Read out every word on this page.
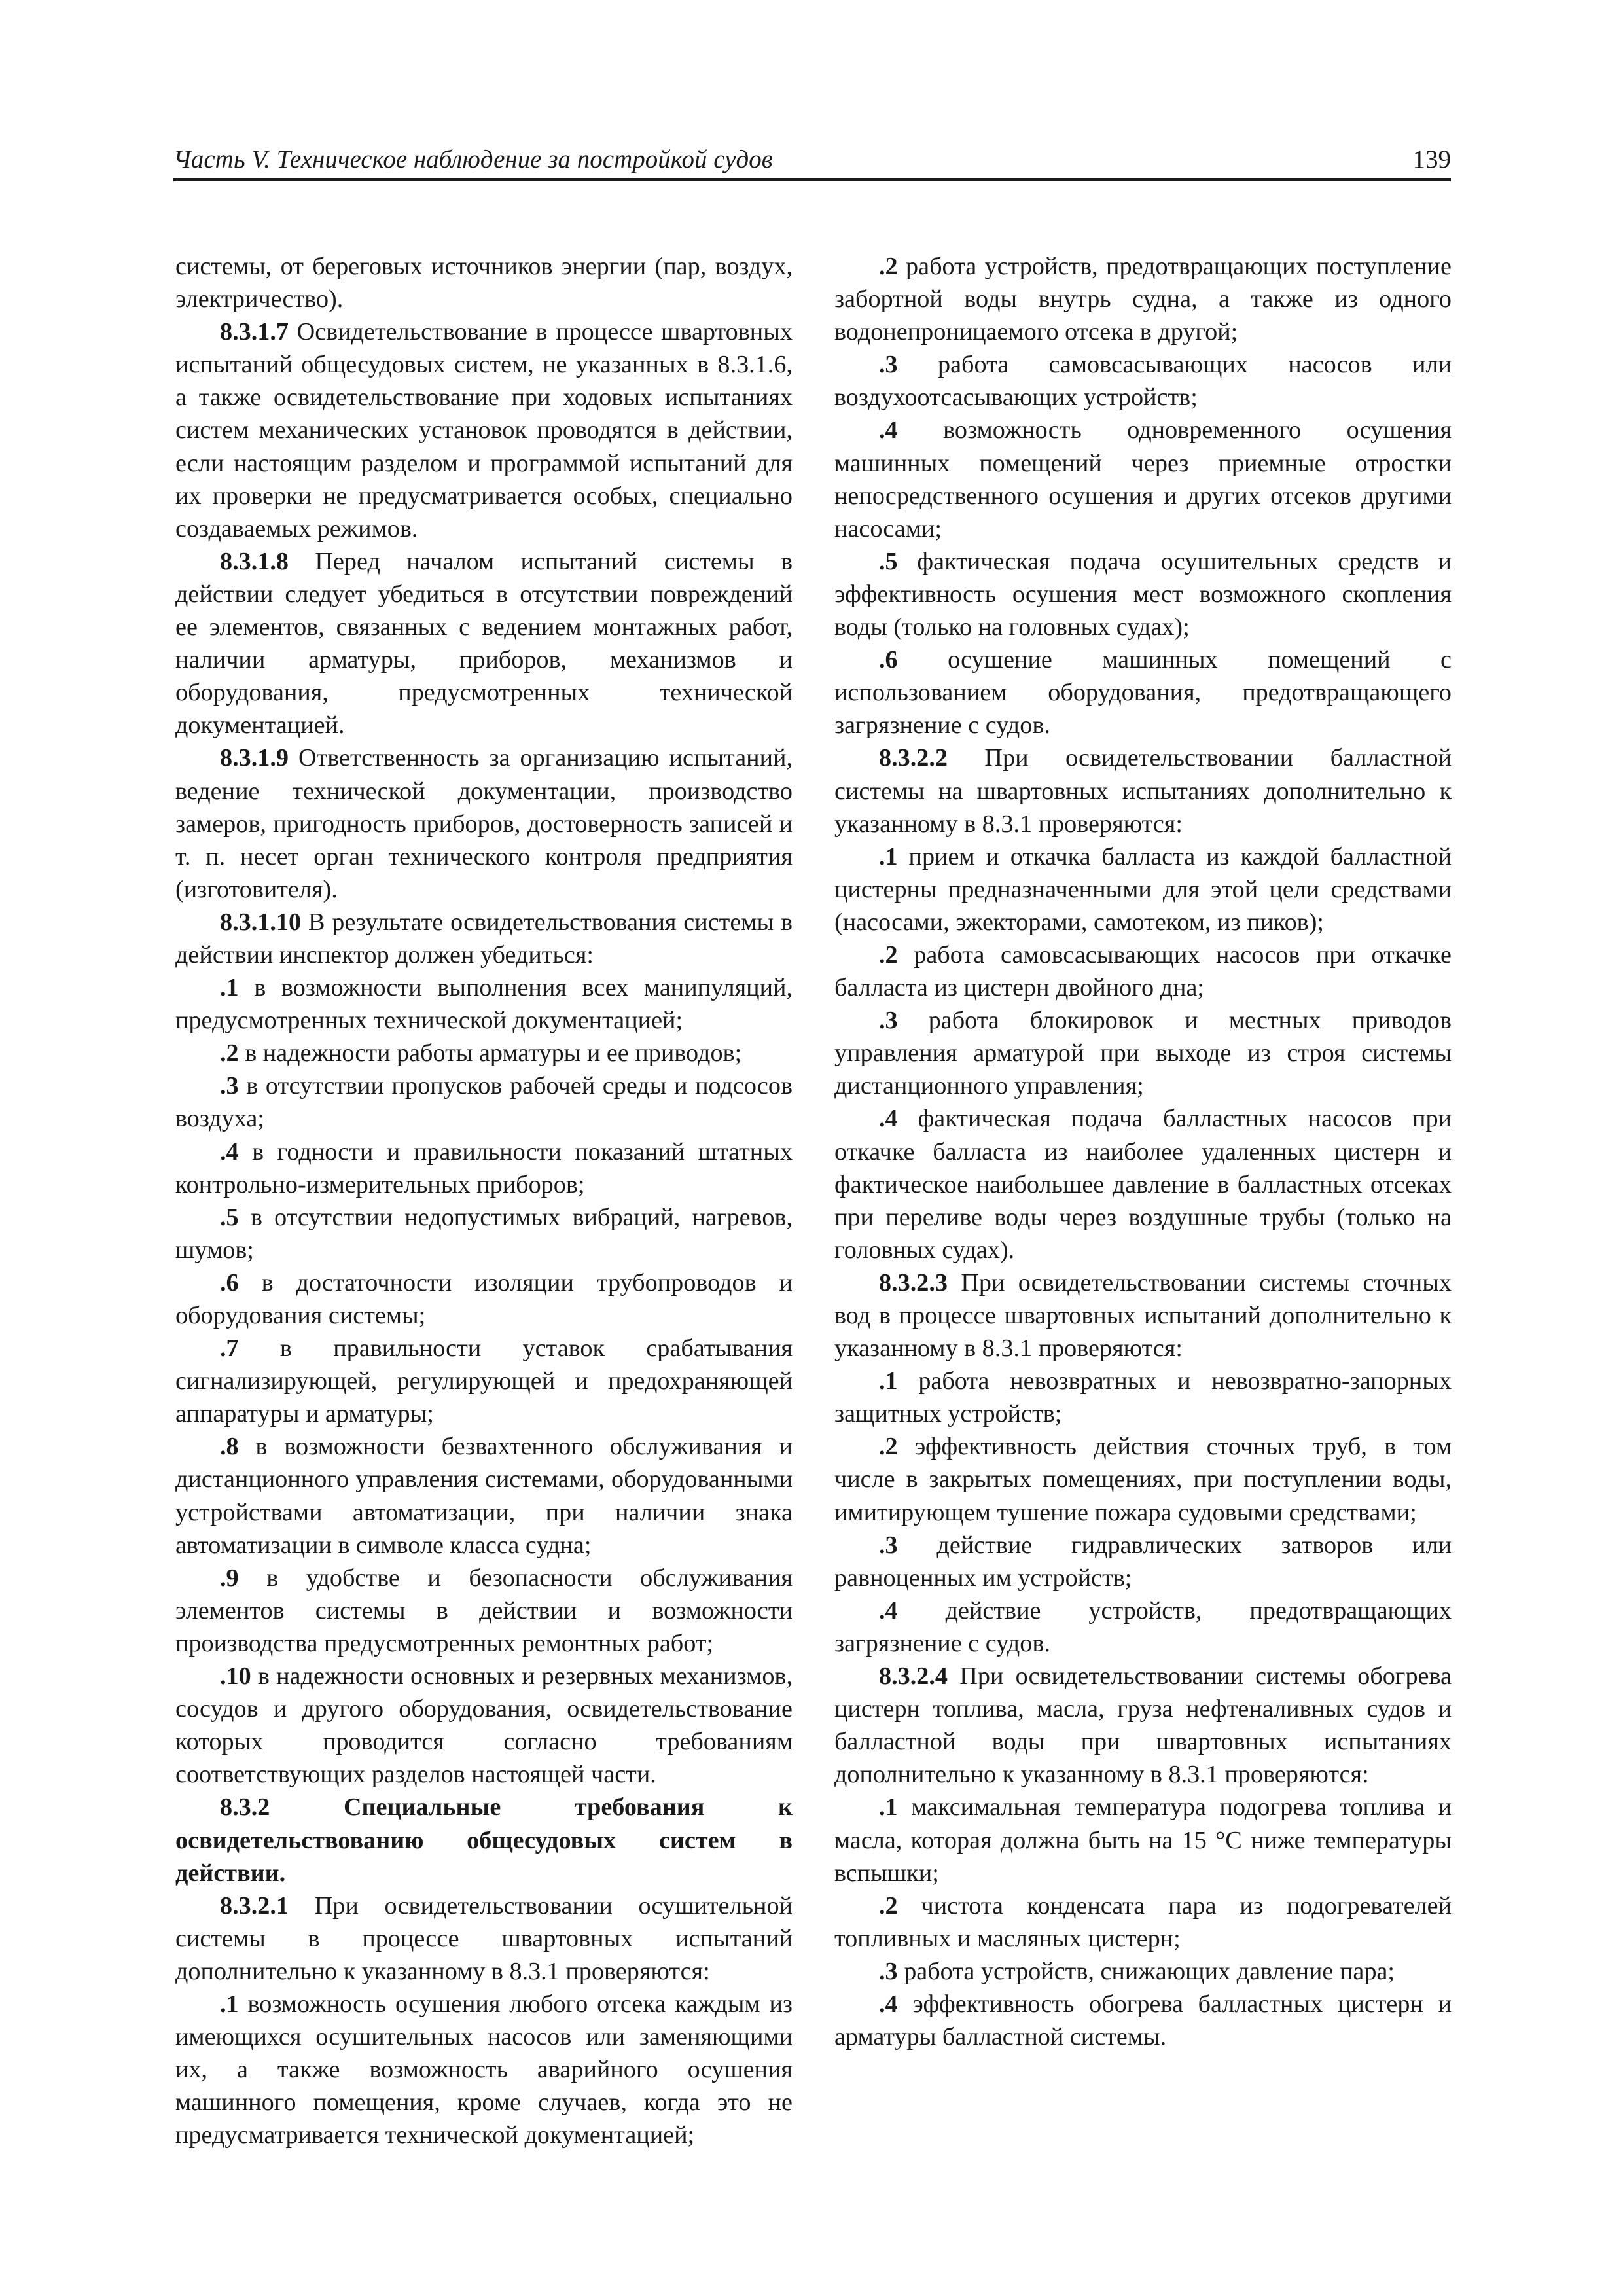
Часть V. Техническое наблюдение за постройкой судов	139

системы, от береговых источников энергии (пар, воздух, электричество).

8.3.1.7 Освидетельствование в процессе швартовных испытаний общесудовых систем, не указанных в 8.3.1.6, а также освидетельствование при ходовых испытаниях систем механических установок проводятся в действии, если настоящим разделом и программой испытаний для их проверки не предусматривается особых, специально создаваемых режимов.

8.3.1.8 Перед началом испытаний системы в действии следует убедиться в отсутствии повреждений ее элементов, связанных с ведением монтажных работ, наличии арматуры, приборов, механизмов и оборудования, предусмотренных технической документацией.

8.3.1.9 Ответственность за организацию испытаний, ведение технической документации, производство замеров, пригодность приборов, достоверность записей и т. п. несет орган технического контроля предприятия (изготовителя).

8.3.1.10 В результате освидетельствования системы в действии инспектор должен убедиться:

.1 в возможности выполнения всех манипуляций, предусмотренных технической документацией;

.2 в надежности работы арматуры и ее приводов;

.3 в отсутствии пропусков рабочей среды и подсосов воздуха;

.4 в годности и правильности показаний штатных контрольно-измерительных приборов;

.5 в отсутствии недопустимых вибраций, нагревов, шумов;

.6 в достаточности изоляции трубопроводов и оборудования системы;

.7 в правильности уставок срабатывания сигнализирующей, регулирующей и предохраняющей аппаратуры и арматуры;

.8 в возможности безвахтенного обслуживания и дистанционного управления системами, оборудованными устройствами автоматизации, при наличии знака автоматизации в символе класса судна;

.9 в удобстве и безопасности обслуживания элементов системы в действии и возможности производства предусмотренных ремонтных работ;

.10 в надежности основных и резервных механизмов, сосудов и другого оборудования, освидетельствование которых проводится согласно требованиям соответствующих разделов настоящей части.

8.3.2 Специальные требования к освидетельствованию общесудовых систем в действии.

8.3.2.1 При освидетельствовании осушительной системы в процессе швартовных испытаний дополнительно к указанному в 8.3.1 проверяются:

.1 возможность осушения любого отсека каждым из имеющихся осушительных насосов или заменяющими их, а также возможность аварийного осушения машинного помещения, кроме случаев, когда это не предусматривается технической документацией;

.2 работа устройств, предотвращающих поступление забортной воды внутрь судна, а также из одного водонепроницаемого отсека в другой;

.3 работа самовсасывающих насосов или воздухоотсасывающих устройств;

.4 возможность одновременного осушения машинных помещений через приемные отростки непосредственного осушения и других отсеков другими насосами;

.5 фактическая подача осушительных средств и эффективность осушения мест возможного скопления воды (только на головных судах);

.6 осушение машинных помещений с использованием оборудования, предотвращающего загрязнение с судов.

8.3.2.2 При освидетельствовании балластной системы на швартовных испытаниях дополнительно к указанному в 8.3.1 проверяются:

.1 прием и откачка балласта из каждой балластной цистерны предназначенными для этой цели средствами (насосами, эжекторами, самотеком, из пиков);

.2 работа самовсасывающих насосов при откачке балласта из цистерн двойного дна;

.3 работа блокировок и местных приводов управления арматурой при выходе из строя системы дистанционного управления;

.4 фактическая подача балластных насосов при откачке балласта из наиболее удаленных цистерн и фактическое наибольшее давление в балластных отсеках при переливе воды через воздушные трубы (только на головных судах).

8.3.2.3 При освидетельствовании системы сточных вод в процессе швартовных испытаний дополнительно к указанному в 8.3.1 проверяются:

.1 работа невозвратных и невозвратно-запорных защитных устройств;

.2 эффективность действия сточных труб, в том числе в закрытых помещениях, при поступлении воды, имитирующем тушение пожара судовыми средствами;

.3 действие гидравлических затворов или равноценных им устройств;

.4 действие устройств, предотвращающих загрязнение с судов.

8.3.2.4 При освидетельствовании системы обогрева цистерн топлива, масла, груза нефтеналивных судов и балластной воды при швартовных испытаниях дополнительно к указанному в 8.3.1 проверяются:

.1 максимальная температура подогрева топлива и масла, которая должна быть на 15 °С ниже температуры вспышки;

.2 чистота конденсата пара из подогревателей топливных и масляных цистерн;

.3 работа устройств, снижающих давление пара;

.4 эффективность обогрева балластных цистерн и арматуры балластной системы.
